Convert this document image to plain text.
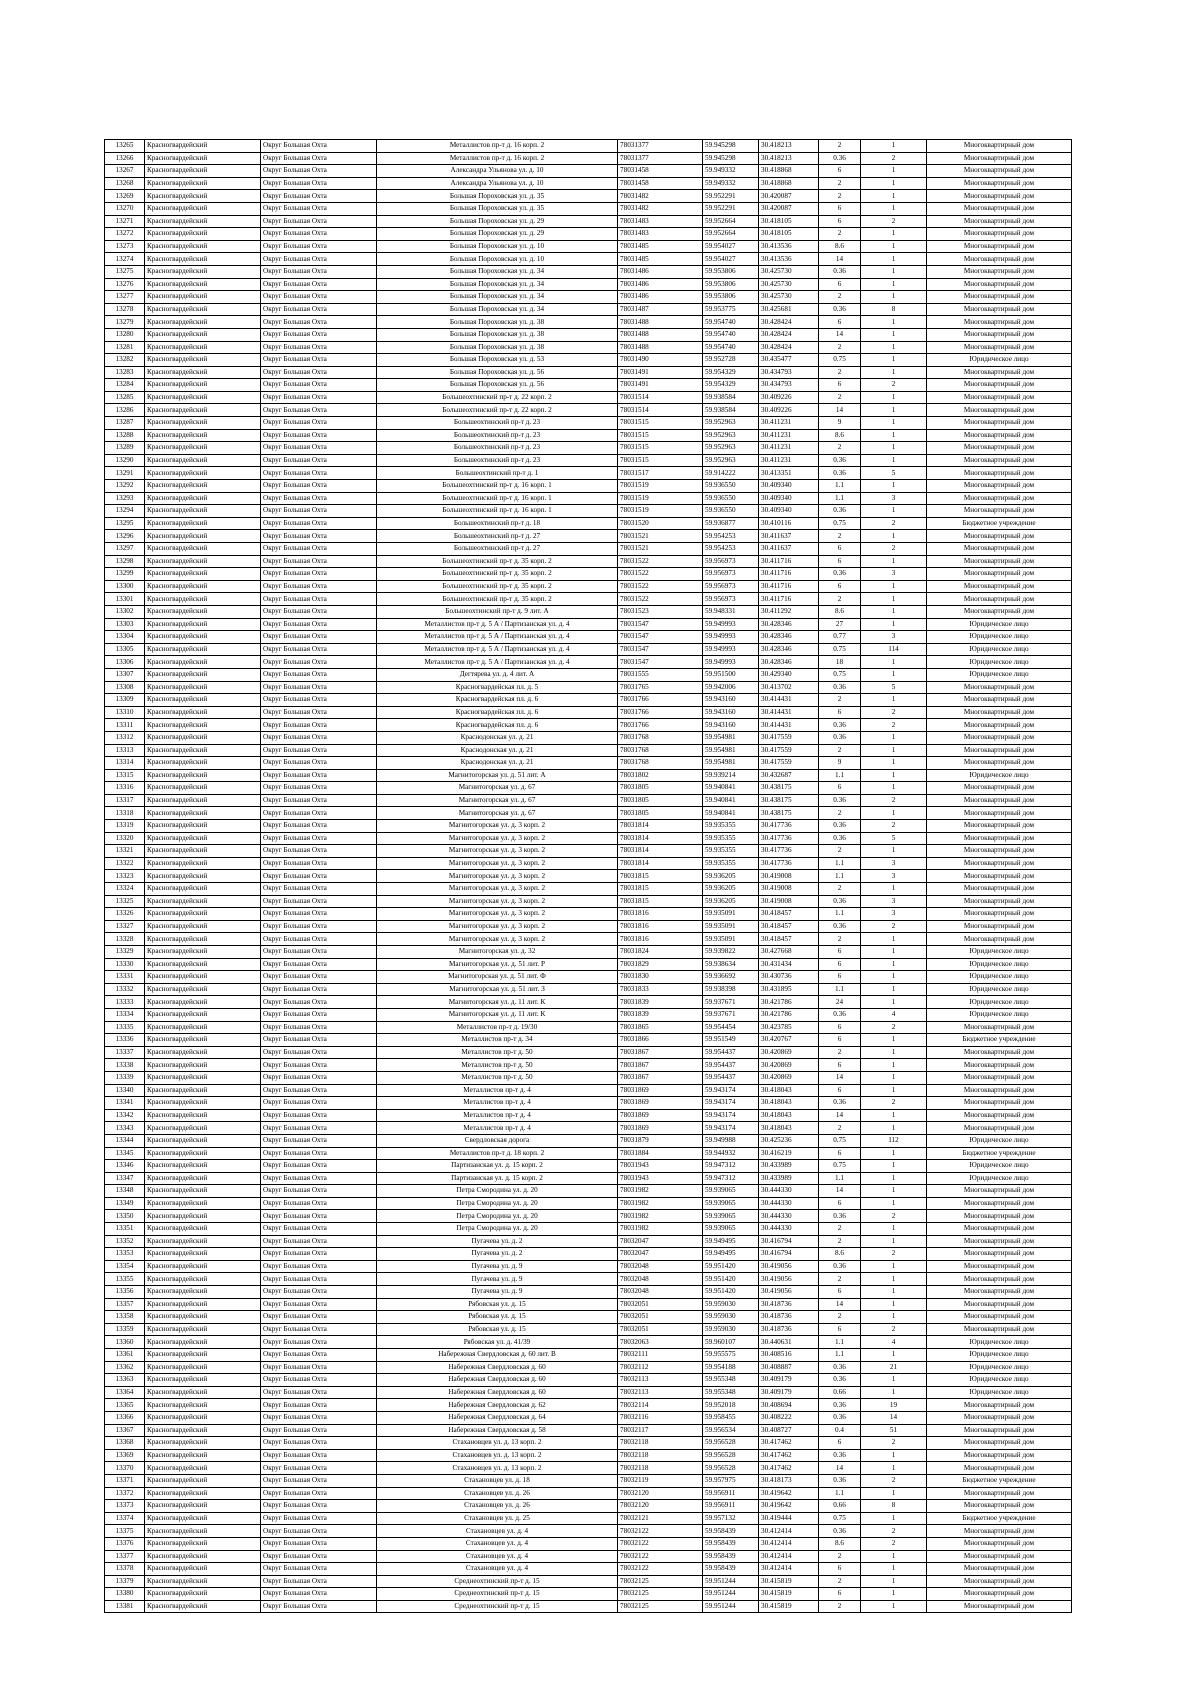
13265	Красногвардейский	Округ Большая Охта	Металлистов пр-т д. 16 корп. 2	78031377	59.945298	30.418213	2	1	Многоквартирный дом
13266	Красногвардейский	Округ Большая Охта	Металлистов пр-т д. 16 корп. 2	78031377	59.945298	30.418213	0.36	2	Многоквартирный дом
13267	Красногвардейский	Округ Большая Охта	Александра Ульянова ул. д. 10	78031458	59.949332	30.418868	6	1	Многоквартирный дом
13268	Красногвардейский	Округ Большая Охта	Александра Ульянова ул. д. 10	78031458	59.949332	30.418868	2	1	Многоквартирный дом
13269	Красногвардейский	Округ Большая Охта	Большая Пороховская ул. д. 35	78031482	59.952291	30.420087	2	1	Многоквартирный дом
13270	Красногвардейский	Округ Большая Охта	Большая Пороховская ул. д. 35	78031482	59.952291	30.420087	6	1	Многоквартирный дом
13271	Красногвардейский	Округ Большая Охта	Большая Пороховская ул. д. 29	78031483	59.952664	30.418105	6	2	Многоквартирный дом
13272	Красногвардейский	Округ Большая Охта	Большая Пороховская ул. д. 29	78031483	59.952664	30.418105	2	1	Многоквартирный дом
13273	Красногвардейский	Округ Большая Охта	Большая Пороховская ул. д. 10	78031485	59.954027	30.413536	8.6	1	Многоквартирный дом
13274	Красногвардейский	Округ Большая Охта	Большая Пороховская ул. д. 10	78031485	59.954027	30.413536	14	1	Многоквартирный дом
13275	Красногвардейский	Округ Большая Охта	Большая Пороховская ул. д. 34	78031486	59.953806	30.425730	0.36	1	Многоквартирный дом
13276	Красногвардейский	Округ Большая Охта	Большая Пороховская ул. д. 34	78031486	59.953806	30.425730	6	1	Многоквартирный дом
13277	Красногвардейский	Округ Большая Охта	Большая Пороховская ул. д. 34	78031486	59.953806	30.425730	2	1	Многоквартирный дом
13278	Красногвардейский	Округ Большая Охта	Большая Пороховская ул. д. 34	78031487	59.953775	30.425681	0.36	8	Многоквартирный дом
13279	Красногвардейский	Округ Большая Охта	Большая Пороховская ул. д. 38	78031488	59.954740	30.428424	6	1	Многоквартирный дом
13280	Красногвардейский	Округ Большая Охта	Большая Пороховская ул. д. 38	78031488	59.954740	30.428424	14	1	Многоквартирный дом
13281	Красногвардейский	Округ Большая Охта	Большая Пороховская ул. д. 38	78031488	59.954740	30.428424	2	1	Многоквартирный дом
13282	Красногвардейский	Округ Большая Охта	Большая Пороховская ул. д. 53	78031490	59.952728	30.435477	0.75	1	Юридическое лицо
13283	Красногвардейский	Округ Большая Охта	Большая Пороховская ул. д. 56	78031491	59.954329	30.434793	2	1	Многоквартирный дом
13284	Красногвардейский	Округ Большая Охта	Большая Пороховская ул. д. 56	78031491	59.954329	30.434793	6	2	Многоквартирный дом
13285	Красногвардейский	Округ Большая Охта	Большеохтинский пр-т д. 22 корп. 2	78031514	59.938584	30.409226	2	1	Многоквартирный дом
13286	Красногвардейский	Округ Большая Охта	Большеохтинский пр-т д. 22 корп. 2	78031514	59.938584	30.409226	14	1	Многоквартирный дом
13287	Красногвардейский	Округ Большая Охта	Большеохтинский пр-т д. 23	78031515	59.952963	30.411231	9	1	Многоквартирный дом
13288	Красногвардейский	Округ Большая Охта	Большеохтинский пр-т д. 23	78031515	59.952963	30.411231	8.6	1	Многоквартирный дом
13289	Красногвардейский	Округ Большая Охта	Большеохтинский пр-т д. 23	78031515	59.952963	30.411231	2	1	Многоквартирный дом
13290	Красногвардейский	Округ Большая Охта	Большеохтинский пр-т д. 23	78031515	59.952963	30.411231	0.36	1	Многоквартирный дом
13291	Красногвардейский	Округ Большая Охта	Большеохтинский пр-т д. 1	78031517	59.914222	30.413351	0.36	5	Многоквартирный дом
13292	Красногвардейский	Округ Большая Охта	Большеохтинский пр-т д. 16 корп. 1	78031519	59.936550	30.409340	1.1	1	Многоквартирный дом
13293	Красногвардейский	Округ Большая Охта	Большеохтинский пр-т д. 16 корп. 1	78031519	59.936550	30.409340	1.1	3	Многоквартирный дом
13294	Красногвардейский	Округ Большая Охта	Большеохтинский пр-т д. 16 корп. 1	78031519	59.936550	30.409340	0.36	1	Многоквартирный дом
13295	Красногвардейский	Округ Большая Охта	Большеохтинский пр-т д. 18	78031520	59.936877	30.410116	0.75	2	Бюджетное учреждение
13296	Красногвардейский	Округ Большая Охта	Большеохтинский пр-т д. 27	78031521	59.954253	30.411637	2	1	Многоквартирный дом
13297	Красногвардейский	Округ Большая Охта	Большеохтинский пр-т д. 27	78031521	59.954253	30.411637	6	2	Многоквартирный дом
13298	Красногвардейский	Округ Большая Охта	Большеохтинский пр-т д. 35 корп. 2	78031522	59.956973	30.411716	6	1	Многоквартирный дом
13299	Красногвардейский	Округ Большая Охта	Большеохтинский пр-т д. 35 корп. 2	78031522	59.956973	30.411716	0.36	3	Многоквартирный дом
13300	Красногвардейский	Округ Большая Охта	Большеохтинский пр-т д. 35 корп. 2	78031522	59.956973	30.411716	6	1	Многоквартирный дом
13301	Красногвардейский	Округ Большая Охта	Большеохтинский пр-т д. 35 корп. 2	78031522	59.956973	30.411716	2	1	Многоквартирный дом
13302	Красногвардейский	Округ Большая Охта	Большеохтинский пр-т д. 9 лит. А	78031523	59.948331	30.411292	8.6	1	Многоквартирный дом
13303	Красногвардейский	Округ Большая Охта	Металлистов пр-т д. 5 А / Партизанская ул. д. 4	78031547	59.949993	30.428346	27	1	Юридическое лицо
13304	Красногвардейский	Округ Большая Охта	Металлистов пр-т д. 5 А / Партизанская ул. д. 4	78031547	59.949993	30.428346	0.77	3	Юридическое лицо
13305	Красногвардейский	Округ Большая Охта	Металлистов пр-т д. 5 А / Партизанская ул. д. 4	78031547	59.949993	30.428346	0.75	114	Юридическое лицо
13306	Красногвардейский	Округ Большая Охта	Металлистов пр-т д. 5 А / Партизанская ул. д. 4	78031547	59.949993	30.428346	18	1	Юридическое лицо
13307	Красногвардейский	Округ Большая Охта	Дегтярева ул. д. 4 лит. А	78031555	59.951500	30.429340	0.75	1	Юридическое лицо
13308	Красногвардейский	Округ Большая Охта	Красногвардейская пл. д. 5	78031765	59.942006	30.413702	0.36	5	Многоквартирный дом
13309	Красногвардейский	Округ Большая Охта	Красногвардейская пл. д. 6	78031766	59.943160	30.414431	2	1	Многоквартирный дом
13310	Красногвардейский	Округ Большая Охта	Красногвардейская пл. д. 6	78031766	59.943160	30.414431	6	2	Многоквартирный дом
13311	Красногвардейский	Округ Большая Охта	Красногвардейская пл. д. 6	78031766	59.943160	30.414431	0.36	2	Многоквартирный дом
13312	Красногвардейский	Округ Большая Охта	Краснодонская ул. д. 21	78031768	59.954981	30.417559	0.36	1	Многоквартирный дом
13313	Красногвардейский	Округ Большая Охта	Краснодонская ул. д. 21	78031768	59.954981	30.417559	2	1	Многоквартирный дом
13314	Красногвардейский	Округ Большая Охта	Краснодонская ул. д. 21	78031768	59.954981	30.417559	9	1	Многоквартирный дом
13315	Красногвардейский	Округ Большая Охта	Магнитогорская ул. д. 51 лит. А	78031802	59.939214	30.432687	1.1	1	Юридическое лицо
13316	Красногвардейский	Округ Большая Охта	Магнитогорская ул. д. 67	78031805	59.940841	30.438175	6	1	Многоквартирный дом
13317	Красногвардейский	Округ Большая Охта	Магнитогорская ул. д. 67	78031805	59.940841	30.438175	0.36	2	Многоквартирный дом
13318	Красногвардейский	Округ Большая Охта	Магнитогорская ул. д. 67	78031805	59.940841	30.438175	2	1	Многоквартирный дом
13319	Красногвардейский	Округ Большая Охта	Магнитогорская ул. д. 3 корп. 2	78031814	59.935355	30.417736	0.36	2	Многоквартирный дом
13320	Красногвардейский	Округ Большая Охта	Магнитогорская ул. д. 3 корп. 2	78031814	59.935355	30.417736	0.36	5	Многоквартирный дом
13321	Красногвардейский	Округ Большая Охта	Магнитогорская ул. д. 3 корп. 2	78031814	59.935355	30.417736	2	1	Многоквартирный дом
13322	Красногвардейский	Округ Большая Охта	Магнитогорская ул. д. 3 корп. 2	78031814	59.935355	30.417736	1.1	3	Многоквартирный дом
13323	Красногвардейский	Округ Большая Охта	Магнитогорская ул. д. 3 корп. 2	78031815	59.936205	30.419008	1.1	3	Многоквартирный дом
13324	Красногвардейский	Округ Большая Охта	Магнитогорская ул. д. 3 корп. 2	78031815	59.936205	30.419008	2	1	Многоквартирный дом
13325	Красногвардейский	Округ Большая Охта	Магнитогорская ул. д. 3 корп. 2	78031815	59.936205	30.419008	0.36	3	Многоквартирный дом
13326	Красногвардейский	Округ Большая Охта	Магнитогорская ул. д. 3 корп. 2	78031816	59.935091	30.418457	1.1	3	Многоквартирный дом
13327	Красногвардейский	Округ Большая Охта	Магнитогорская ул. д. 3 корп. 2	78031816	59.935091	30.418457	0.36	2	Многоквартирный дом
13328	Красногвардейский	Округ Большая Охта	Магнитогорская ул. д. 3 корп. 2	78031816	59.935091	30.418457	2	1	Многоквартирный дом
13329	Красногвардейский	Округ Большая Охта	Магнитогорская ул. д. 32	78031824	59.939822	30.427668	6	1	Юридическое лицо
13330	Красногвардейский	Округ Большая Охта	Магнитогорская ул. д. 51 лит. Р	78031829	59.938634	30.431434	6	1	Юридическое лицо
13331	Красногвардейский	Округ Большая Охта	Магнитогорская ул. д. 51 лит. Ф	78031830	59.936692	30.430736	6	1	Юридическое лицо
13332	Красногвардейский	Округ Большая Охта	Магнитогорская ул. д. 51 лит. З	78031833	59.938398	30.431895	1.1	1	Юридическое лицо
13333	Красногвардейский	Округ Большая Охта	Магнитогорская ул. д. 11 лит. К	78031839	59.937671	30.421786	24	1	Юридическое лицо
13334	Красногвардейский	Округ Большая Охта	Магнитогорская ул. д. 11 лит. К	78031839	59.937671	30.421786	0.36	4	Юридическое лицо
13335	Красногвардейский	Округ Большая Охта	Металлистов пр-т д. 19/30	78031865	59.954454	30.423785	6	2	Многоквартирный дом
13336	Красногвардейский	Округ Большая Охта	Металлистов пр-т д. 34	78031866	59.951549	30.420767	6	1	Бюджетное учреждение
13337	Красногвардейский	Округ Большая Охта	Металлистов пр-т д. 50	78031867	59.954437	30.420869	2	1	Многоквартирный дом
13338	Красногвардейский	Округ Большая Охта	Металлистов пр-т д. 50	78031867	59.954437	30.420869	6	1	Многоквартирный дом
13339	Красногвардейский	Округ Большая Охта	Металлистов пр-т д. 50	78031867	59.954437	30.420869	14	1	Многоквартирный дом
13340	Красногвардейский	Округ Большая Охта	Металлистов пр-т д. 4	78031869	59.943174	30.418043	6	1	Многоквартирный дом
13341	Красногвардейский	Округ Большая Охта	Металлистов пр-т д. 4	78031869	59.943174	30.418043	0.36	2	Многоквартирный дом
13342	Красногвардейский	Округ Большая Охта	Металлистов пр-т д. 4	78031869	59.943174	30.418043	14	1	Многоквартирный дом
13343	Красногвардейский	Округ Большая Охта	Металлистов пр-т д. 4	78031869	59.943174	30.418043	2	1	Многоквартирный дом
13344	Красногвардейский	Округ Большая Охта	Свердловская дорога	78031879	59.949988	30.425236	0.75	112	Юридическое лицо
13345	Красногвардейский	Округ Большая Охта	Металлистов пр-т д. 18 корп. 2	78031884	59.944932	30.416219	6	1	Бюджетное учреждение
13346	Красногвардейский	Округ Большая Охта	Партизанская ул. д. 15 корп. 2	78031943	59.947312	30.433989	0.75	1	Юридическое лицо
13347	Красногвардейский	Округ Большая Охта	Партизанская ул. д. 15 корп. 2	78031943	59.947312	30.433989	1.1	1	Юридическое лицо
13348	Красногвардейский	Округ Большая Охта	Петра Смородина ул. д. 20	78031982	59.939065	30.444330	14	1	Многоквартирный дом
13349	Красногвардейский	Округ Большая Охта	Петра Смородина ул. д. 20	78031982	59.939065	30.444330	6	1	Многоквартирный дом
13350	Красногвардейский	Округ Большая Охта	Петра Смородина ул. д. 20	78031982	59.939065	30.444330	0.36	2	Многоквартирный дом
13351	Красногвардейский	Округ Большая Охта	Петра Смородина ул. д. 20	78031982	59.939065	30.444330	2	1	Многоквартирный дом
13352	Красногвардейский	Округ Большая Охта	Пугачева ул. д. 2	78032047	59.949495	30.416794	2	1	Многоквартирный дом
13353	Красногвардейский	Округ Большая Охта	Пугачева ул. д. 2	78032047	59.949495	30.416794	8.6	2	Многоквартирный дом
13354	Красногвардейский	Округ Большая Охта	Пугачева ул. д. 9	78032048	59.951420	30.419056	0.36	1	Многоквартирный дом
13355	Красногвардейский	Округ Большая Охта	Пугачева ул. д. 9	78032048	59.951420	30.419056	2	1	Многоквартирный дом
13356	Красногвардейский	Округ Большая Охта	Пугачева ул. д. 9	78032048	59.951420	30.419056	6	1	Многоквартирный дом
13357	Красногвардейский	Округ Большая Охта	Рябовская ул. д. 15	78032051	59.959030	30.418736	14	1	Многоквартирный дом
13358	Красногвардейский	Округ Большая Охта	Рябовская ул. д. 15	78032051	59.959030	30.418736	2	1	Многоквартирный дом
13359	Красногвардейский	Округ Большая Охта	Рябовская ул. д. 15	78032051	59.959030	30.418736	6	2	Многоквартирный дом
13360	Красногвардейский	Округ Большая Охта	Рябовская ул. д. 41/39	78032063	59.960107	30.440631	1.1	4	Юридическое лицо
13361	Красногвардейский	Округ Большая Охта	Набережная Свердловская д. 60 лит. В	78032111	59.955575	30.408516	1.1	1	Юридическое лицо
13362	Красногвардейский	Округ Большая Охта	Набережная Свердловская д. 60	78032112	59.954188	30.408887	0.36	21	Юридическое лицо
13363	Красногвардейский	Округ Большая Охта	Набережная Свердловская д. 60	78032113	59.955348	30.409179	0.36	1	Юридическое лицо
13364	Красногвардейский	Округ Большая Охта	Набережная Свердловская д. 60	78032113	59.955348	30.409179	0.66	1	Юридическое лицо
13365	Красногвардейский	Округ Большая Охта	Набережная Свердловская д. 62	78032114	59.952018	30.408694	0.36	19	Многоквартирный дом
13366	Красногвардейский	Округ Большая Охта	Набережная Свердловская д. 64	78032116	59.958455	30.408222	0.36	14	Многоквартирный дом
13367	Красногвардейский	Округ Большая Охта	Набережная Свердловская д. 58	78032117	59.956534	30.408727	0.4	51	Многоквартирный дом
13368	Красногвардейский	Округ Большая Охта	Стахановцев ул. д. 13 корп. 2	78032118	59.956528	30.417462	6	2	Многоквартирный дом
13369	Красногвардейский	Округ Большая Охта	Стахановцев ул. д. 13 корп. 2	78032118	59.956528	30.417462	0.36	1	Многоквартирный дом
13370	Красногвардейский	Округ Большая Охта	Стахановцев ул. д. 13 корп. 2	78032118	59.956528	30.417462	14	1	Многоквартирный дом
13371	Красногвардейский	Округ Большая Охта	Стахановцев ул. д. 18	78032119	59.957975	30.418173	0.36	2	Бюджетное учреждение
13372	Красногвардейский	Округ Большая Охта	Стахановцев ул. д. 26	78032120	59.956911	30.419642	1.1	1	Многоквартирный дом
13373	Красногвардейский	Округ Большая Охта	Стахановцев ул. д. 26	78032120	59.956911	30.419642	0.66	8	Многоквартирный дом
13374	Красногвардейский	Округ Большая Охта	Стахановцев ул. д. 25	78032121	59.957132	30.419444	0.75	1	Бюджетное учреждение
13375	Красногвардейский	Округ Большая Охта	Стахановцев ул. д. 4	78032122	59.958439	30.412414	0.36	2	Многоквартирный дом
13376	Красногвардейский	Округ Большая Охта	Стахановцев ул. д. 4	78032122	59.958439	30.412414	8.6	2	Многоквартирный дом
13377	Красногвардейский	Округ Большая Охта	Стахановцев ул. д. 4	78032122	59.958439	30.412414	2	1	Многоквартирный дом
13378	Красногвардейский	Округ Большая Охта	Стахановцев ул. д. 4	78032122	59.958439	30.412414	6	1	Многоквартирный дом
13379	Красногвардейский	Округ Большая Охта	Среднеохтинский пр-т д. 15	78032125	59.951244	30.415819	2	1	Многоквартирный дом
13380	Красногвардейский	Округ Большая Охта	Среднеохтинский пр-т д. 15	78032125	59.951244	30.415819	6	1	Многоквартирный дом
13381	Красногвардейский	Округ Большая Охта	Среднеохтинский пр-т д. 15	78032125	59.951244	30.415819	2	1	Многоквартирный дом
